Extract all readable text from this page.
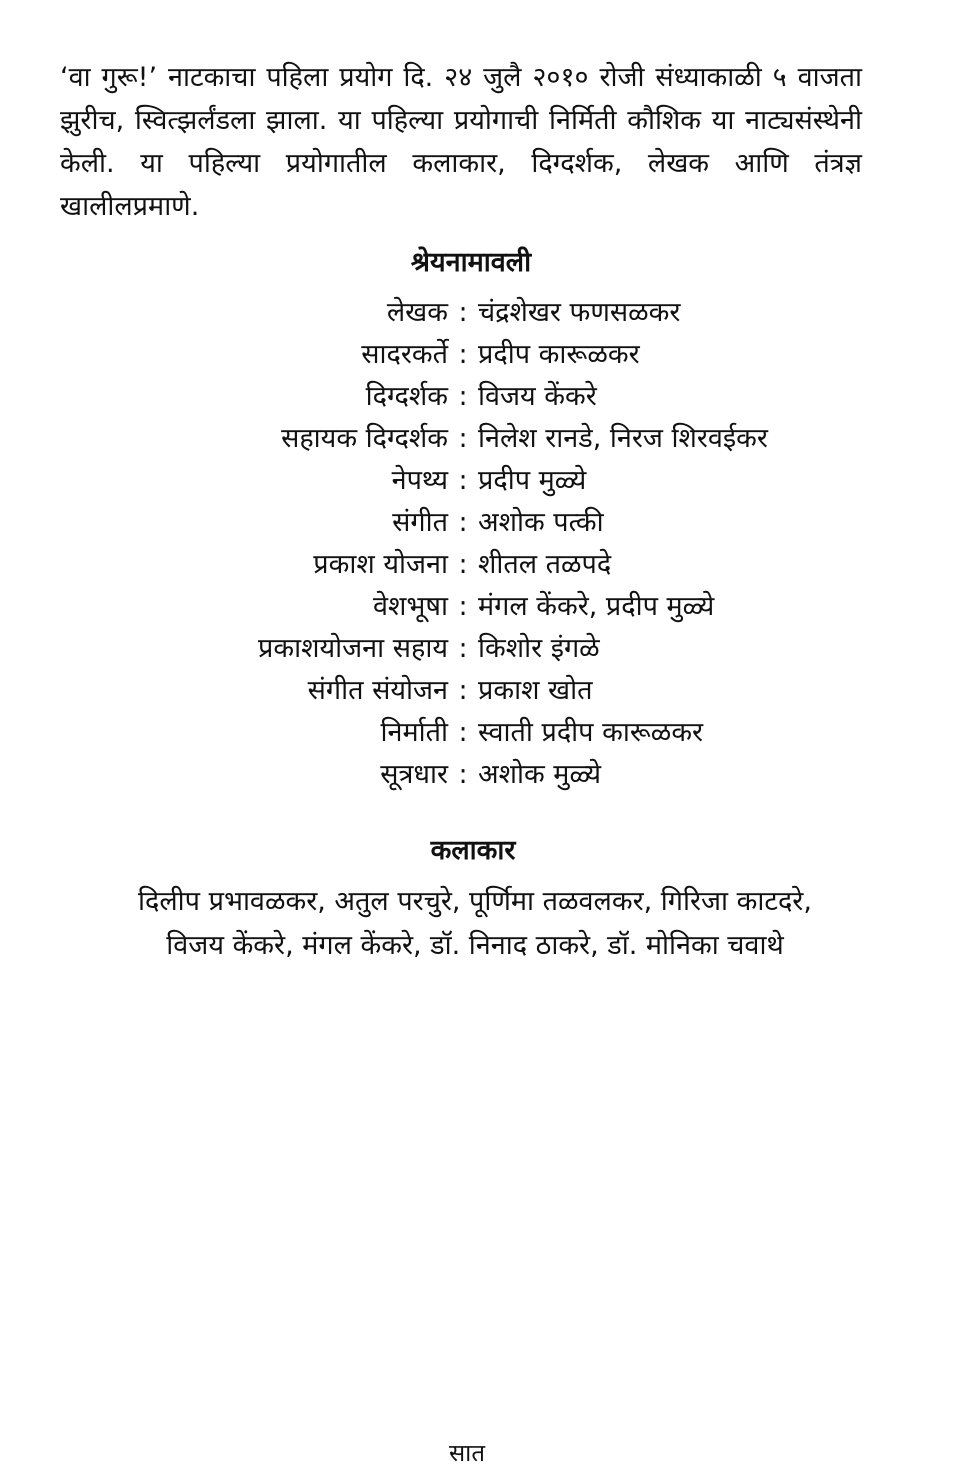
‘वा गुरू!’ नाटकाचा पहिला प्रयोग दि. २४ जुलै २०१० रोजी संध्याकाळी ५ वाजता झुरीच, स्वित्झर्लंडला झाला. या पहिल्या प्रयोगाची निर्मिती कौशिक या नाट्यसंस्थेनी केली. या पहिल्या प्रयोगातील कलाकार, दिग्दर्शक, लेखक आणि तंत्रज्ञ खालीलप्रमाणे.

श्रेयनामावली
लेखक : चंद्रशेखर फणसळकर
सादरकर्ते : प्रदीप कारूळकर
दिग्दर्शक : विजय केंकरे
सहायक दिग्दर्शक : निलेश रानडे, निरज शिरवईकर
नेपथ्य : प्रदीप मुळ्ये
संगीत : अशोक पत्की
प्रकाश योजना : शीतल तळपदे
वेशभूषा : मंगल केंकरे, प्रदीप मुळ्ये
प्रकाशयोजना सहाय : किशोर इंगळे
संगीत संयोजन : प्रकाश खोत
निर्माती : स्वाती प्रदीप कारूळकर
सूत्रधार : अशोक मुळ्ये
कलाकार
दिलीप प्रभावळकर, अतुल परचुरे, पूर्णिमा तळवलकर, गिरिजा काटदरे,
विजय केंकरे, मंगल केंकरे, डॉ. निनाद ठाकरे, डॉ. मोनिका चवाथे

सात
